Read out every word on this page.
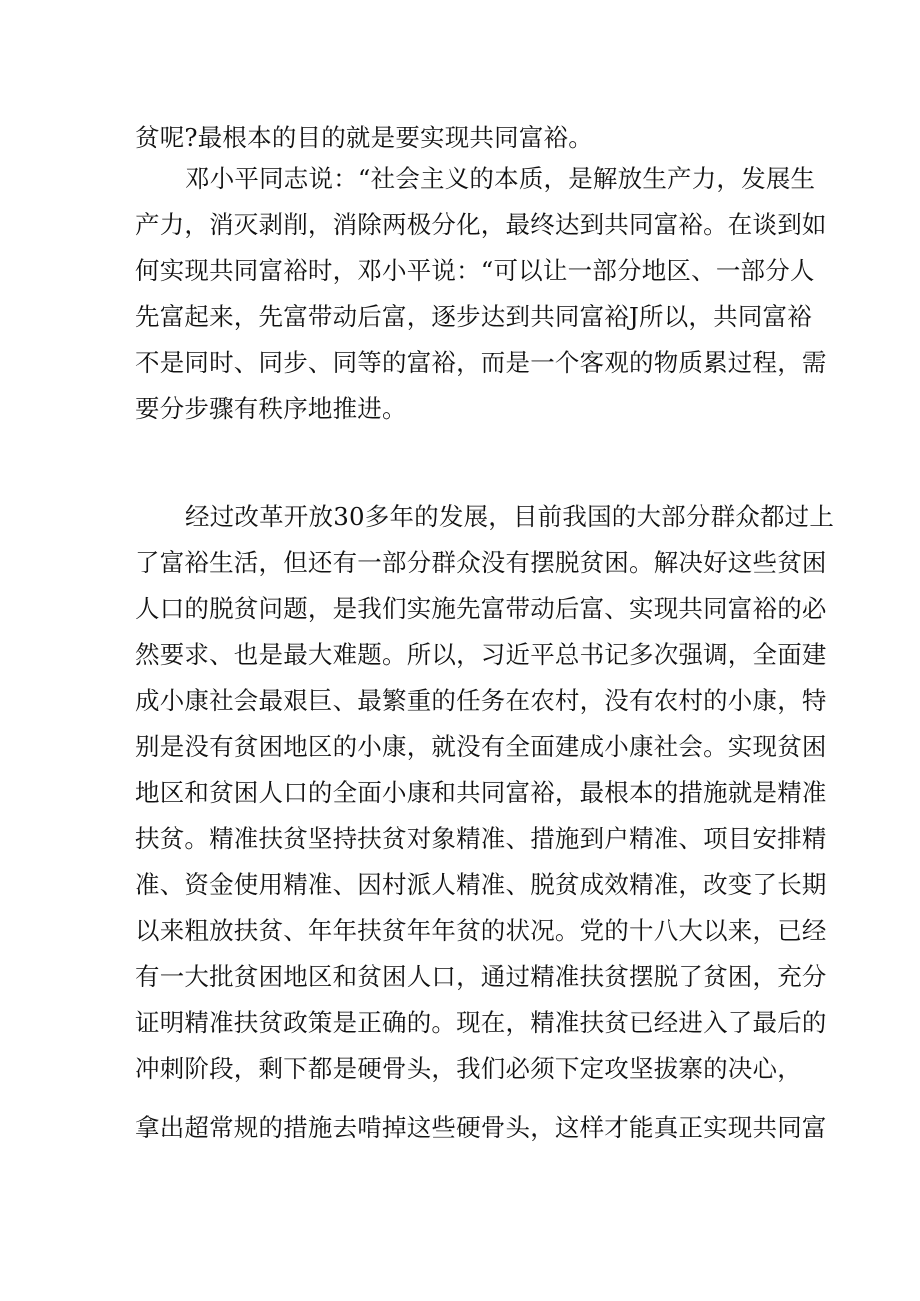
贫呢?最根本的目的就是要实现共同富裕。

邓小平同志说：“社会主义的本质，是解放生产力，发展生
产力，消灭剥削，消除两极分化，最终达到共同富裕。在谈到如
何实现共同富裕时，邓小平说：“可以让一部分地区、一部分人
先富起来，先富带动后富，逐步达到共同富裕J所以，共同富裕
不是同时、同步、同等的富裕，而是一个客观的物质累过程，需
要分步骤有秩序地推进。

经过改革开放30多年的发展，目前我国的大部分群众都过上
了富裕生活，但还有一部分群众没有摆脱贫困。解决好这些贫困
人口的脱贫问题，是我们实施先富带动后富、实现共同富裕的必
然要求、也是最大难题。所以，习近平总书记多次强调，全面建
成小康社会最艰巨、最繁重的任务在农村，没有农村的小康，特
别是没有贫困地区的小康，就没有全面建成小康社会。实现贫困
地区和贫困人口的全面小康和共同富裕，最根本的措施就是精准
扶贫。精准扶贫坚持扶贫对象精准、措施到户精准、项目安排精
准、资金使用精准、因村派人精准、脱贫成效精准，改变了长期
以来粗放扶贫、年年扶贫年年贫的状况。党的十八大以来，已经
有一大批贫困地区和贫困人口，通过精准扶贫摆脱了贫困，充分
证明精准扶贫政策是正确的。现在，精准扶贫已经进入了最后的
冲刺阶段，剩下都是硬骨头，我们必须下定攻坚拔寨的决心，

拿出超常规的措施去啃掉这些硬骨头，这样才能真正实现共同富
